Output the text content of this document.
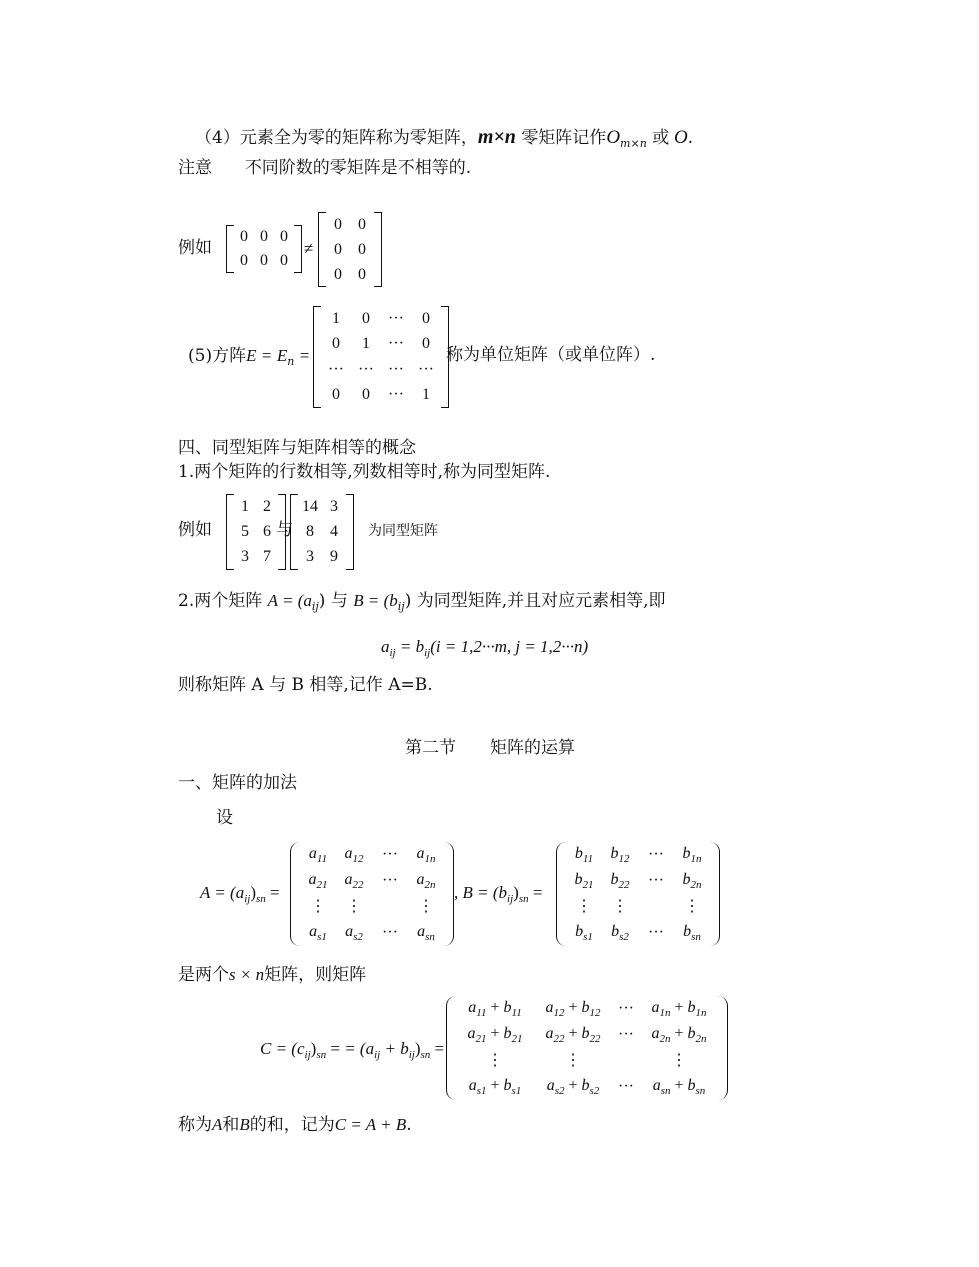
（4）元素全为零的矩阵称为零矩阵，m×n 零矩阵记作$O_{m\times n}$ 或 O.
注意 不同阶数的零矩阵是不相等的.
例如
0 0 0
0 0 0
≠
0 0
0 0
0 0
(5)方阵$E = E_n$ =
1 0 ··· 0
0 1 ··· 0
··· ··· ··· ···
0 0 ··· 1
称为单位矩阵（或单位阵）.
四、同型矩阵与矩阵相等的概念
1.两个矩阵的行数相等,列数相等时,称为同型矩阵.
例如
1 2
5 6
3 7
与
14 3
8 4
3 9
为同型矩阵
2.两个矩阵 $A = (a_{ij})$ 与 $B = (b_{ij})$ 为同型矩阵,并且对应元素相等,即
$a_{ij} = b_{ij}(i = 1,2\cdot\cdot\cdot m$, j = 1,2···n)
则称矩阵 A 与 B 相等,记作 A=B.
第二节　　矩阵的运算
一、矩阵的加法
设
$A = (a_{ij})_{sn}$ =
$a_{11}$ $a_{12}$ ··· $a_{1n}$
$a_{21}$ $a_{22}$ ··· $a_{2n}$
⋮ ⋮	⋮
$a_{s1}$ $a_{s2}$ ··· $a_{sn}$
, $B = (b_{ij})_{sn}$ =
$b_{11}$ $b_{12}$ ··· $b_{1n}$
$b_{21}$ $b_{22}$ ··· $b_{2n}$
⋮ ⋮	⋮
$b_{s1}$ $b_{s2}$ ··· $b_{sn}$
是两个s × n矩阵，则矩阵
$C = (c_{ij})_{sn}$ = = $(a_{ij} + b_{ij})_{sn}$ =
$a_{11} + b_{11}$ $a_{12} + b_{12}$ ··· $a_{1n} + b_{1n}$
$a_{21} + b_{21}$ $a_{22} + b_{22}$ ··· $a_{2n} + b_{2n}$
⋮	⋮	⋮
$a_{s1} + b_{s1}$ $a_{s2} + b_{s2}$ ··· $a_{sn} + b_{sn}$
称为A和B的和，记为C = A + B.
